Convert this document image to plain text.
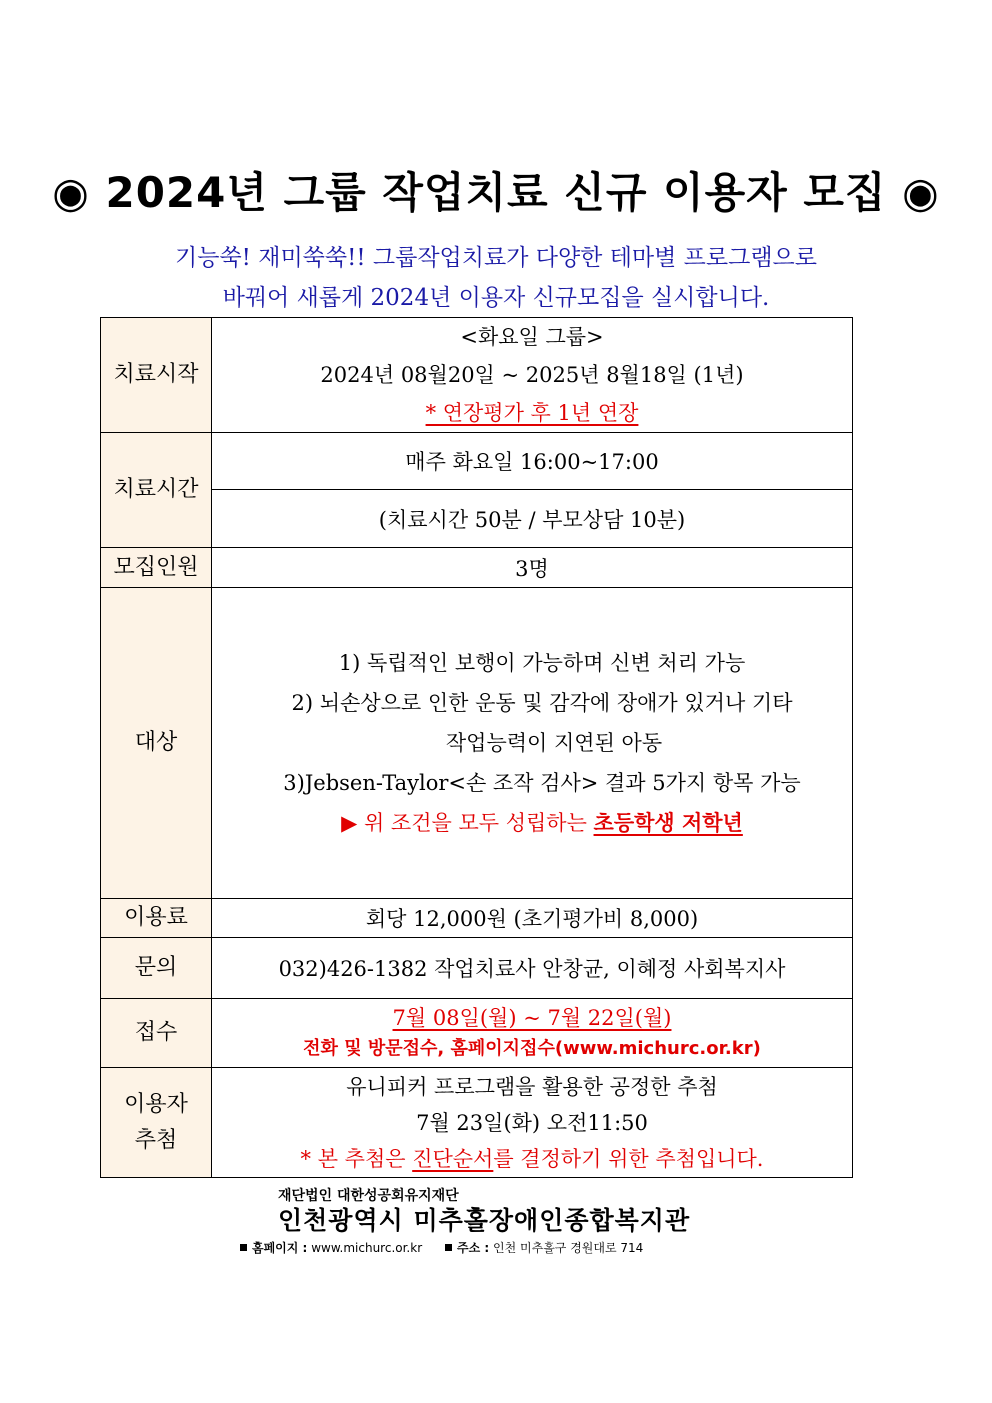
◉ 2024년 그룹 작업치료 신규 이용자 모집 ◉
기능쑥! 재미쑥쑥!! 그룹작업치료가 다양한 테마별 프로그램으로
바꿔어 새롭게 2024년 이용자 신규모집을 실시합니다.
치료시작	<화요일 그룹>
2024년 08월20일 ~ 2025년 8월18일 (1년)
* 연장평가 후 1년 연장

치료시간	매주 화요일 16:00~17:00
	(치료시간 50분 / 부모상담 10분)
모집인원	3명
대상	1) 독립적인 보행이 가능하며 신변 처리 가능
2) 뇌손상으로 인한 운동 및 감각에 장애가 있거나 기타
작업능력이 지연된 아동
3)Jebsen-Taylor<손 조작 검사> 결과 5가지 항목 가능
▶ 위 조건을 모두 성립하는 초등학생 저학년

이용료	회당 12,000원 (초기평가비 8,000)
문의	032)426-1382 작업치료사 안창균, 이혜정 사회복지사
접수	7월 08일(월) ~ 7월 22일(월)
전화 및 방문접수, 홈페이지접수(www.michurc.or.kr)

이용자
추첨	유니피커 프로그램을 활용한 공정한 추첨
7월 23일(화) 오전11:50
* 본 추첨은 진단순서를 결정하기 위한 추첨입니다.
재단법인 대한성공회유지재단
인천광역시 미추홀장애인종합복지관
홈페이지 : www.michurc.or.kr	주소 : 인천 미추홀구 경원대로 714
